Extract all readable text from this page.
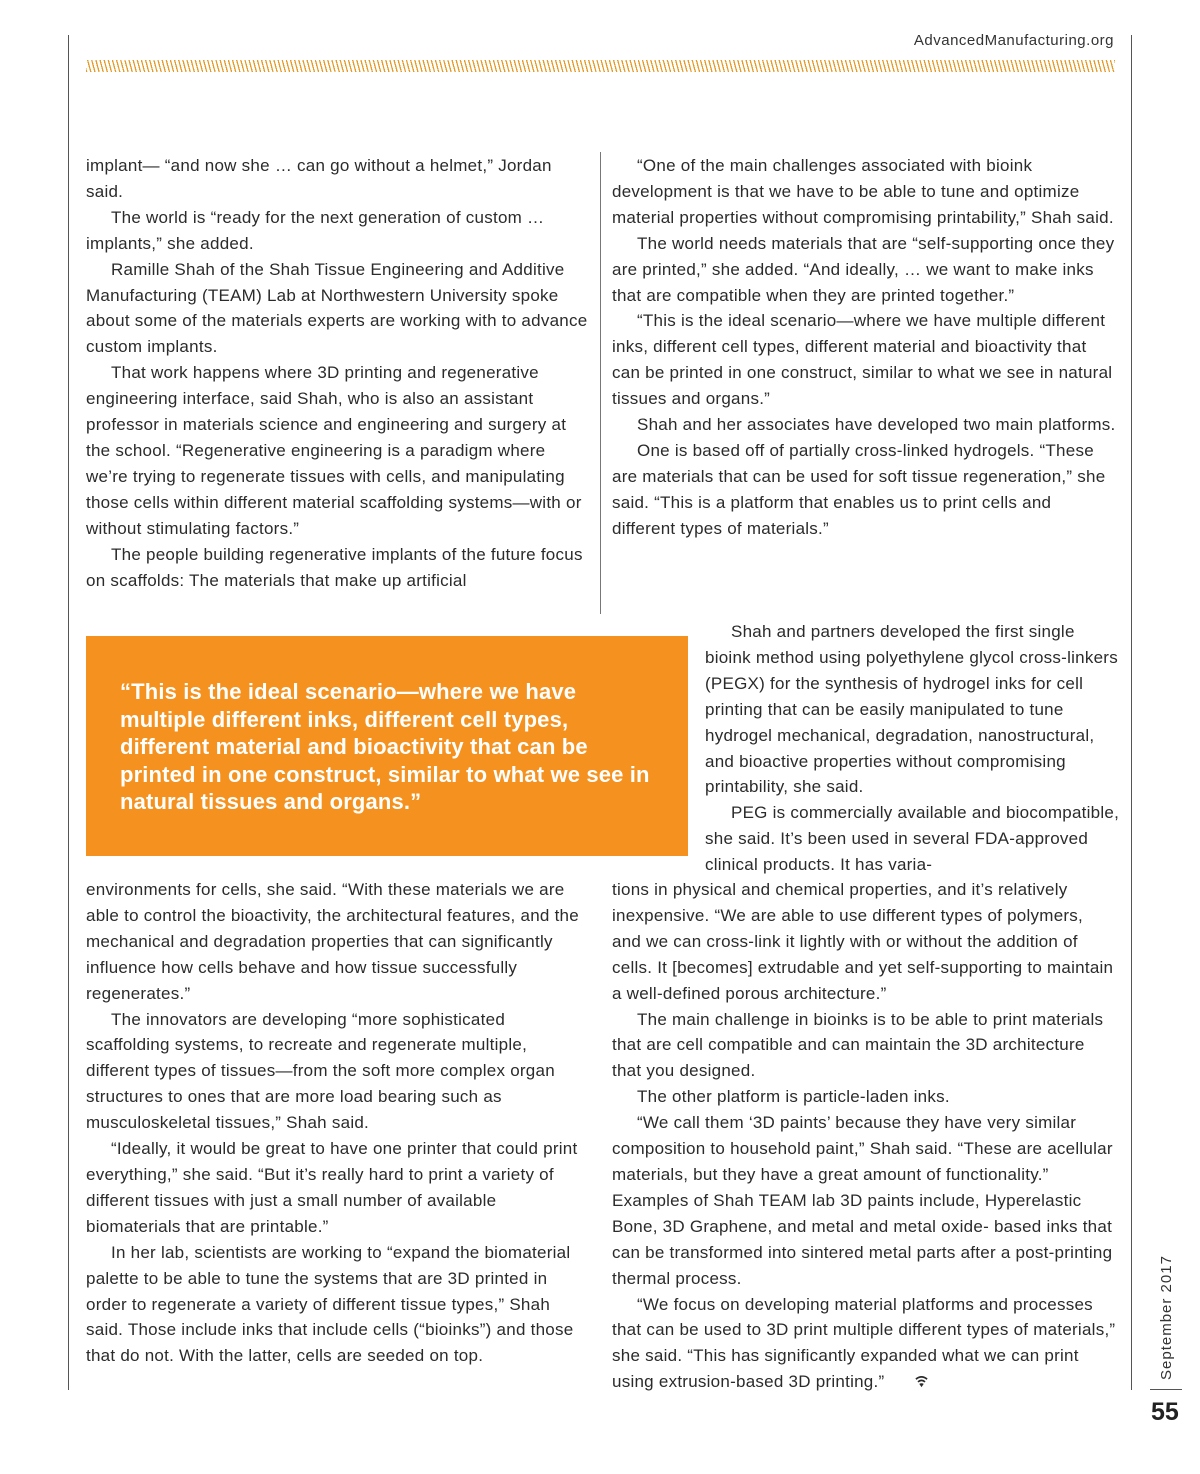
AdvancedManufacturing.org

implant— “and now she … can go without a helmet,” Jordan said.

The world is “ready for the next generation of custom … implants,” she added.

Ramille Shah of the Shah Tissue Engineering and Additive Manufacturing (TEAM) Lab at Northwestern University spoke about some of the materials experts are working with to advance custom implants.

That work happens where 3D printing and regenerative engineering interface, said Shah, who is also an assistant professor in materials science and engineering and surgery at the school. “Regenerative engineering is a paradigm where we’re trying to regenerate tissues with cells, and manipulating those cells within different material scaffolding systems—with or without stimulating factors.”

The people building regenerative implants of the future focus on scaffolds: The materials that make up artificial

“One of the main challenges associated with bioink development is that we have to be able to tune and optimize material properties without compromising printability,” Shah said.

The world needs materials that are “self-supporting once they are printed,” she added. “And ideally, … we want to make inks that are compatible when they are printed together.”

“This is the ideal scenario—where we have multiple different inks, different cell types, different material and bioactivity that can be printed in one construct, similar to what we see in natural tissues and organs.”

Shah and her associates have developed two main platforms.

One is based off of partially cross-linked hydrogels. “These are materials that can be used for soft tissue regeneration,” she said. “This is a platform that enables us to print cells and different types of materials.”

“This is the ideal scenario—where we have multiple different inks, different cell types, different material and bioactivity that can be printed in one construct, similar to what we see in natural tissues and organs.”

Shah and partners developed the first single bioink method using polyethylene glycol cross-linkers (PEGX) for the synthesis of hydrogel inks for cell printing that can be easily manipulated to tune hydrogel mechanical, degradation, nanostructural, and bioactive properties without compromising printability, she said.

PEG is commercially available and biocompatible, she said. It’s been used in several FDA-approved clinical products. It has varia-

environments for cells, she said. “With these materials we are able to control the bioactivity, the architectural features, and the mechanical and degradation properties that can significantly influence how cells behave and how tissue successfully regenerates.”

The innovators are developing “more sophisticated scaffolding systems, to recreate and regenerate multiple, different types of tissues—from the soft more complex organ structures to ones that are more load bearing such as musculoskeletal tissues,” Shah said.

“Ideally, it would be great to have one printer that could print everything,” she said. “But it’s really hard to print a variety of different tissues with just a small number of available biomaterials that are printable.”

In her lab, scientists are working to “expand the biomaterial palette to be able to tune the systems that are 3D printed in order to regenerate a variety of different tissue types,” Shah said. Those include inks that include cells (“bioinks”) and those that do not. With the latter, cells are seeded on top.

tions in physical and chemical properties, and it’s relatively inexpensive. “We are able to use different types of polymers, and we can cross-link it lightly with or without the addition of cells. It [becomes] extrudable and yet self-supporting to maintain a well-defined porous architecture.”

The main challenge in bioinks is to be able to print materials that are cell compatible and can maintain the 3D architecture that you designed.

The other platform is particle-laden inks.

“We call them ‘3D paints’ because they have very similar composition to household paint,” Shah said. “These are acellular materials, but they have a great amount of functionality.” Examples of Shah TEAM lab 3D paints include, Hyperelastic Bone, 3D Graphene, and metal and metal oxide- based inks that can be transformed into sintered metal parts after a post-printing thermal process.

“We focus on developing material platforms and processes that can be used to 3D print multiple different types of materials,” she said. “This has significantly expanded what we can print using extrusion-based 3D printing.”

September 2017
55
